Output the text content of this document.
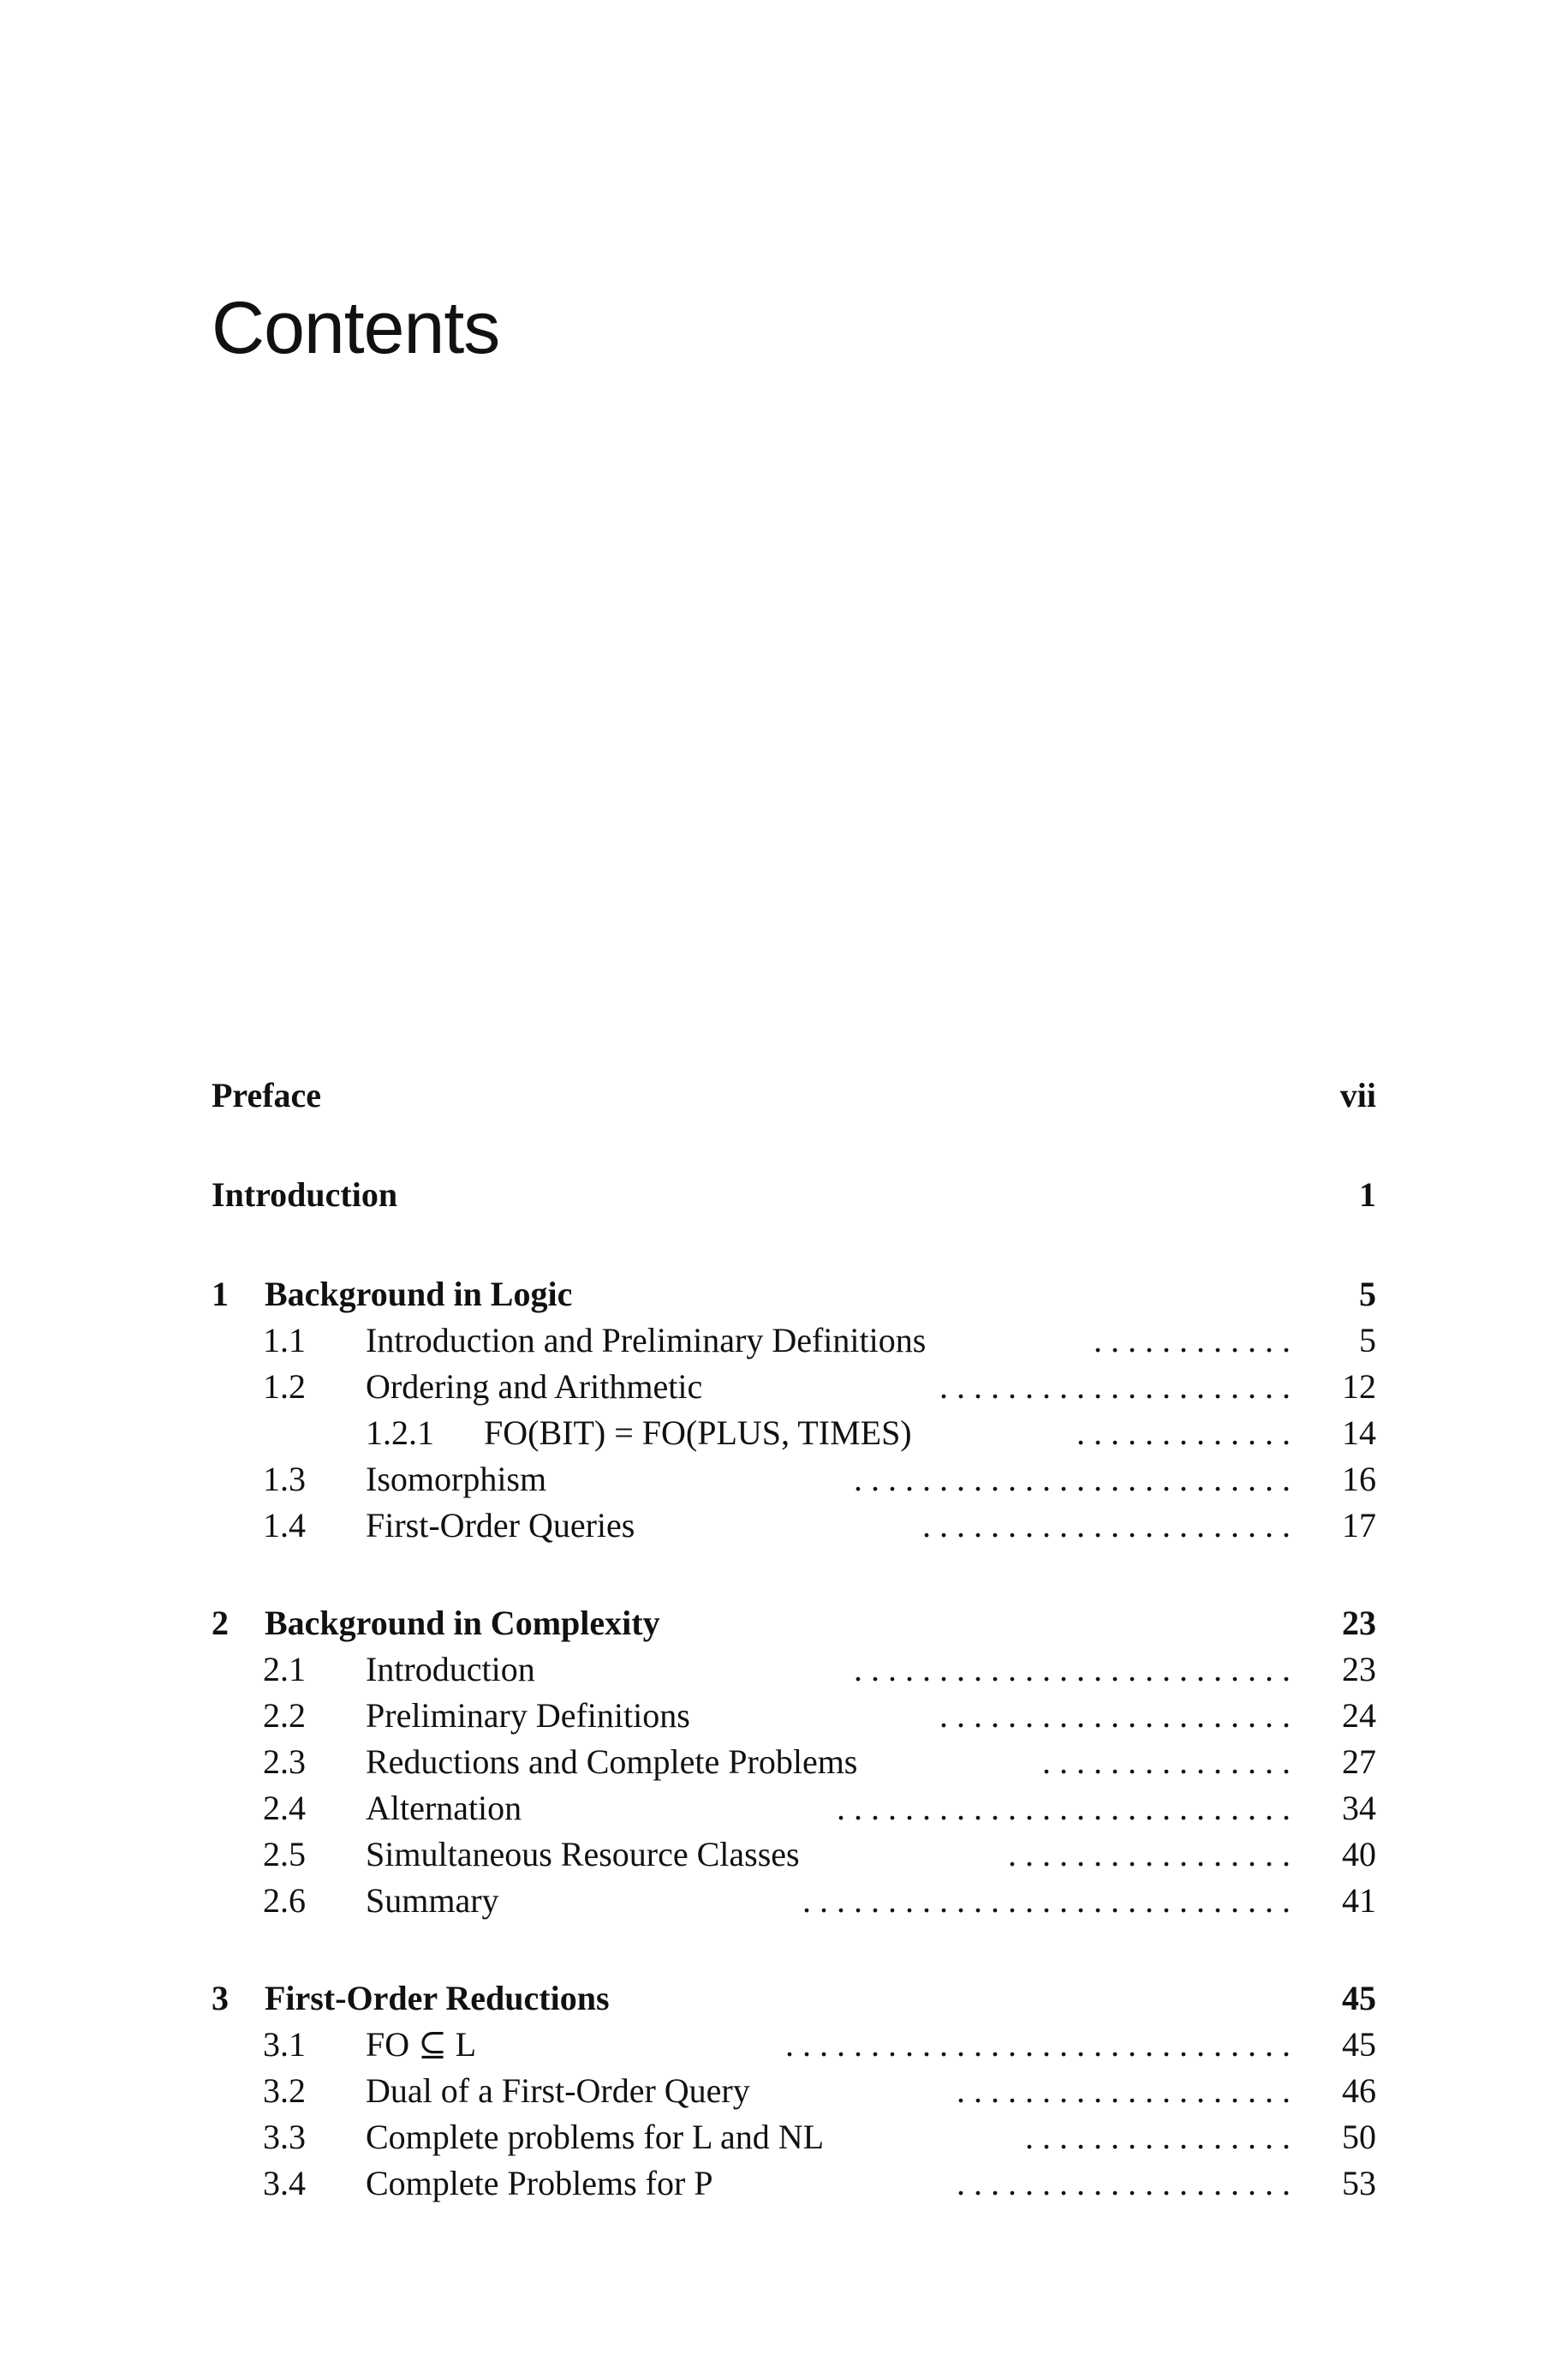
Contents
Preface	vii
Introduction	1
1 Background in Logic	5
1.1 Introduction and Preliminary Definitions	. . . . . . . . . . . . 5
1.2 Ordering and Arithmetic	. . . . . . . . . . . . . . . . . . . . . 12
1.2.1 FO(BIT) = FO(PLUS, TIMES)	. . . . . . . . . . . . . 14
1.3 Isomorphism	. . . . . . . . . . . . . . . . . . . . . . . . . . 16
1.4 First-Order Queries	. . . . . . . . . . . . . . . . . . . . . . 17
2 Background in Complexity	23
2.1 Introduction	. . . . . . . . . . . . . . . . . . . . . . . . . . 23
2.2 Preliminary Definitions	. . . . . . . . . . . . . . . . . . . . . 24
2.3 Reductions and Complete Problems	. . . . . . . . . . . . . . . 27
2.4 Alternation	. . . . . . . . . . . . . . . . . . . . . . . . . . . 34
2.5 Simultaneous Resource Classes	. . . . . . . . . . . . . . . . . 40
2.6 Summary	. . . . . . . . . . . . . . . . . . . . . . . . . . . . . 41
3 First-Order Reductions	45
3.1 FO ⊆ L	. . . . . . . . . . . . . . . . . . . . . . . . . . . . . . 45
3.2 Dual of a First-Order Query	. . . . . . . . . . . . . . . . . . . . 46
3.3 Complete problems for L and NL	. . . . . . . . . . . . . . . . 50
3.4 Complete Problems for P	. . . . . . . . . . . . . . . . . . . . 53
